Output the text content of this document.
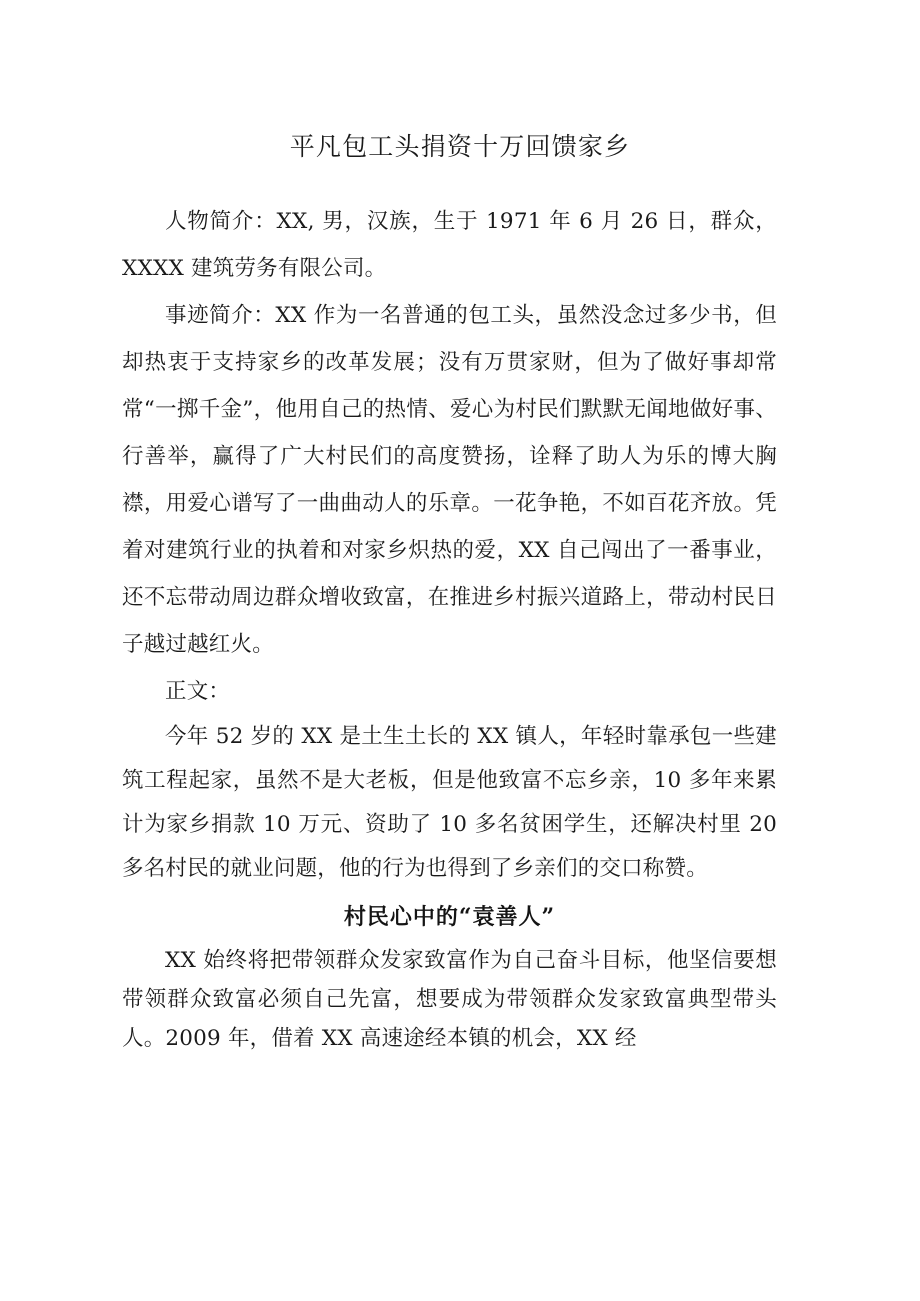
平凡包工头捐资十万回馈家乡

人物简介：XX, 男，汉族，生于 1971 年 6 月 26 日，群众，XXXX 建筑劳务有限公司。

事迹简介：XX 作为一名普通的包工头，虽然没念过多少书，但却热衷于支持家乡的改革发展；没有万贯家财，但为了做好事却常常“一掷千金”，他用自己的热情、爱心为村民们默默无闻地做好事、行善举，赢得了广大村民们的高度赞扬，诠释了助人为乐的博大胸襟，用爱心谱写了一曲曲动人的乐章。一花争艳，不如百花齐放。凭着对建筑行业的执着和对家乡炽热的爱，XX 自己闯出了一番事业，还不忘带动周边群众增收致富，在推进乡村振兴道路上，带动村民日子越过越红火。

正文：

今年 52 岁的 XX 是土生土长的 XX 镇人，年轻时靠承包一些建筑工程起家，虽然不是大老板，但是他致富不忘乡亲，10 多年来累计为家乡捐款 10 万元、资助了 10 多名贫困学生，还解决村里 20 多名村民的就业问题，他的行为也得到了乡亲们的交口称赞。

村民心中的“袁善人”

XX 始终将把带领群众发家致富作为自己奋斗目标，他坚信要想带领群众致富必须自己先富，想要成为带领群众发家致富典型带头人。2009 年，借着 XX 高速途经本镇的机会，XX 经
